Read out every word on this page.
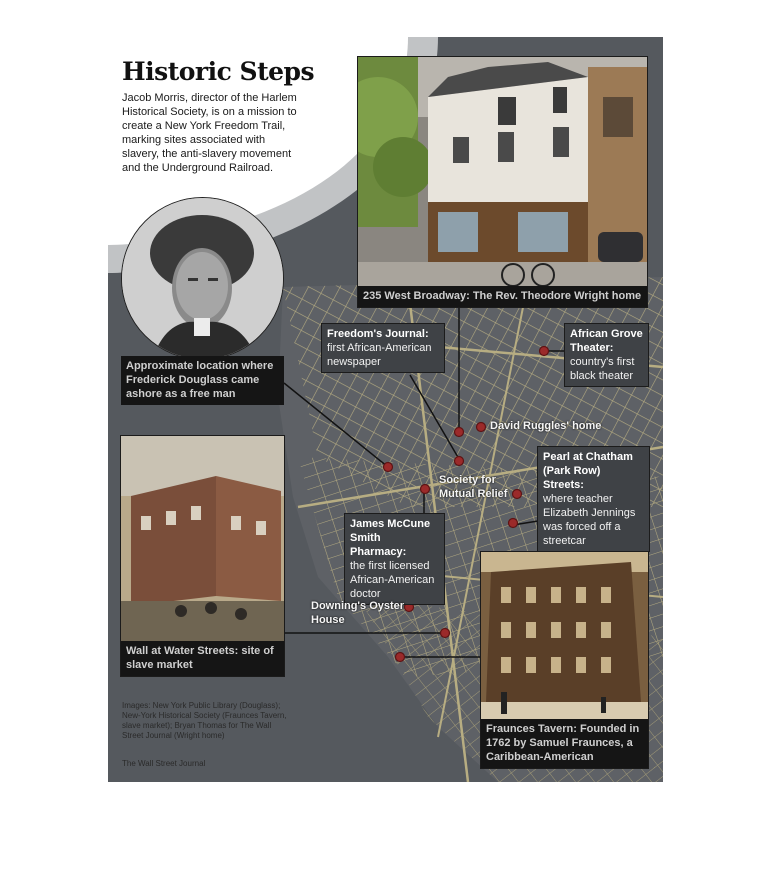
Historic Steps
Jacob Morris, director of the Harlem Historical Society, is on a mission to create a New York Freedom Trail, marking sites associated with slavery, the anti-slavery movement and the Underground Railroad.
235 West Broadway: The Rev. Theodore Wright home
Approximate location where Frederick Douglass came ashore as a free man
Wall at Water Streets: site of slave market
Fraunces Tavern: Founded in 1762 by Samuel Fraunces, a Caribbean-American
Freedom's Journal:
first African-American newspaper
African Grove Theater:
country's first black theater
Pearl at Chatham (Park Row) Streets:
where teacher Elizabeth Jennings was forced off a streetcar
James McCune Smith Pharmacy:
the first licensed African-American doctor
David Ruggles' home
Society for Mutual Relief
Downing's Oyster House
Images: New York Public Library (Douglass); New-York Historical Society (Fraunces Tavern, slave market); Bryan Thomas for The Wall Street Journal (Wright home)
The Wall Street Journal
